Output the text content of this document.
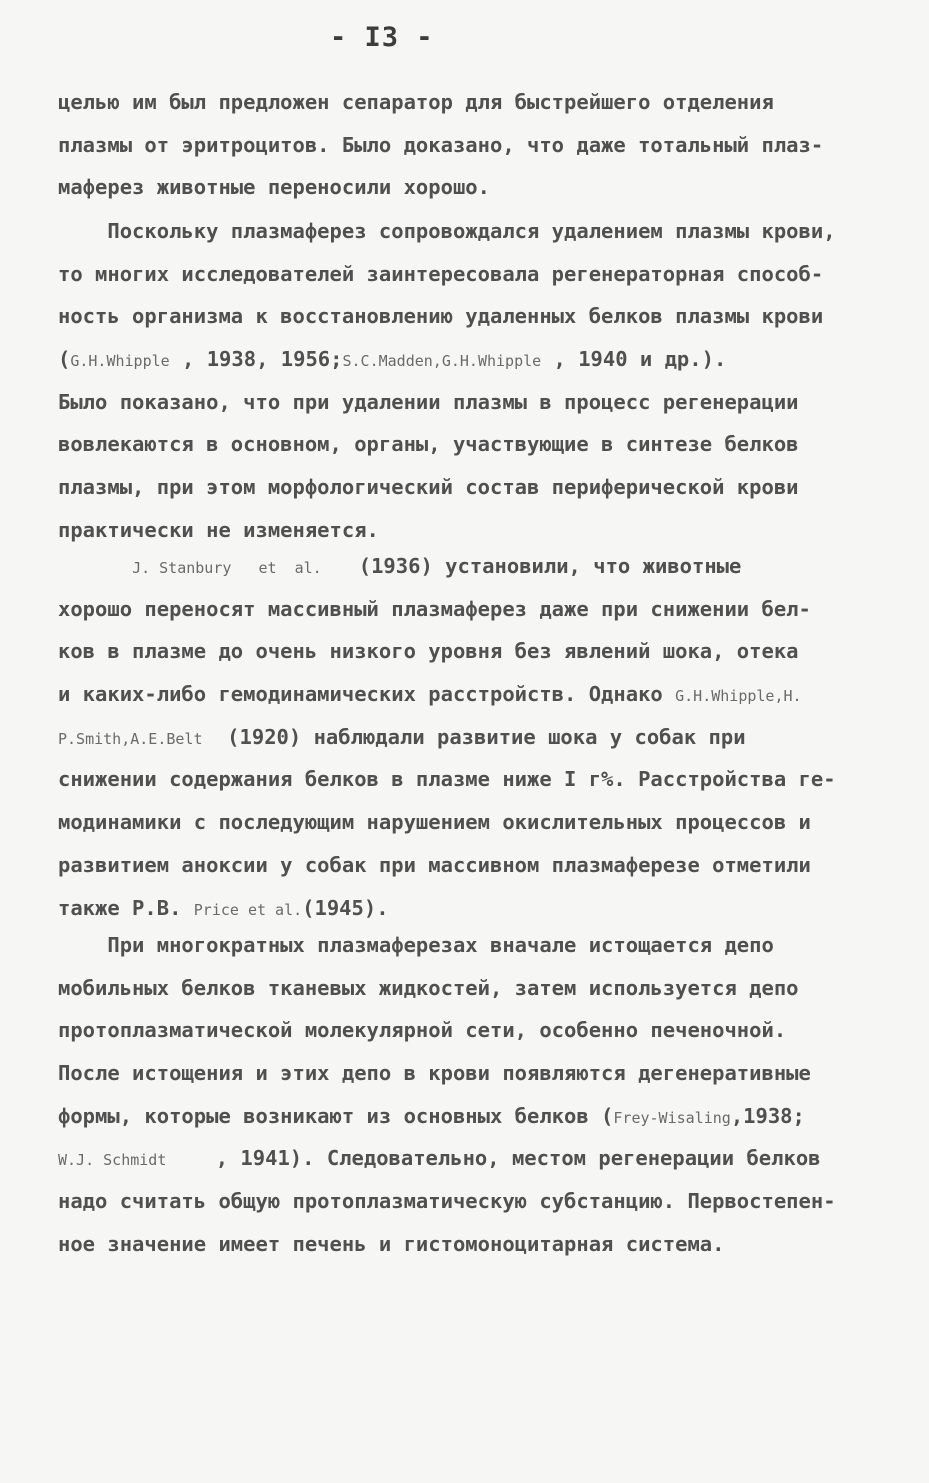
- I3 -
целью им был предложен сепаратор для быстрейшего отделения
плазмы от эритроцитов. Было доказано, что даже тотальный плаз-
маферез животные переносили хорошо.
Поскольку плазмаферез сопровождался удалением плазмы крови,
то многих исследователей заинтересовала регенераторная способ-
ность организма к восстановлению удаленных белков плазмы крови
(G.H.Whipple , 1938, 1956;S.C.Madden,G.H.Whipple , 1940 и др.).
Было показано, что при удалении плазмы в процесс регенерации
вовлекаются в основном, органы, участвующие в синтезе белков
плазмы, при этом морфологический состав периферической крови
практически не изменяется.
J. Stanbury   et  al.   (1936) установили, что животные
хорошо переносят массивный плазмаферез даже при снижении бел-
ков в плазме до очень низкого уровня без явлений шока, отека
и каких-либо гемодинамических расстройств. Однако G.H.Whipple,H.
P.Smith,A.E.Belt  (1920) наблюдали развитие шока у собак при
снижении содержания белков в плазме ниже I г%. Расстройства ге-
модинамики с последующим нарушением окислительных процессов и
развитием аноксии у собак при массивном плазмаферезе отметили
также P.B. Price et al.(1945).
При многократных плазмаферезах вначале истощается депо
мобильных белков тканевых жидкостей, затем используется депо
протоплазматической молекулярной сети, особенно печеночной.
После истощения и этих депо в крови появляются дегенеративные
формы, которые возникают из основных белков (Frey-Wisaling,1938;
W.J. Schmidt    , 1941). Следовательно, местом регенерации белков
надо считать общую протоплазматическую субстанцию. Первостепен-
ное значение имеет печень и гистомоноцитарная система.
